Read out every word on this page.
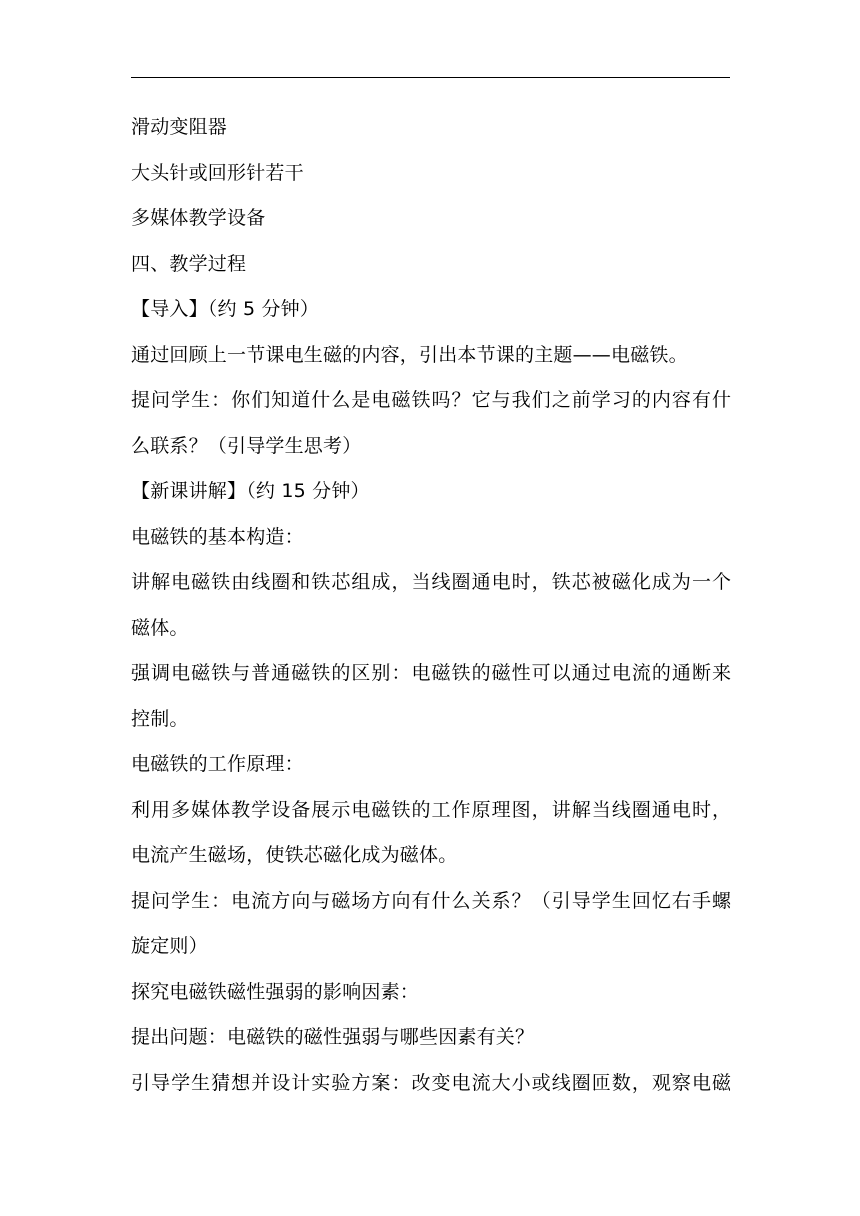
滑动变阻器
大头针或回形针若干
多媒体教学设备
四、教学过程
【导入】（约 5 分钟）
通过回顾上一节课电生磁的内容，引出本节课的主题——电磁铁。
提问学生：你们知道什么是电磁铁吗？它与我们之前学习的内容有什
么联系？（引导学生思考）
【新课讲解】（约 15 分钟）
电磁铁的基本构造：
讲解电磁铁由线圈和铁芯组成，当线圈通电时，铁芯被磁化成为一个
磁体。
强调电磁铁与普通磁铁的区别：电磁铁的磁性可以通过电流的通断来
控制。
电磁铁的工作原理：
利用多媒体教学设备展示电磁铁的工作原理图，讲解当线圈通电时，
电流产生磁场，使铁芯磁化成为磁体。
提问学生：电流方向与磁场方向有什么关系？（引导学生回忆右手螺
旋定则）
探究电磁铁磁性强弱的影响因素：
提出问题：电磁铁的磁性强弱与哪些因素有关？
引导学生猜想并设计实验方案：改变电流大小或线圈匝数，观察电磁
